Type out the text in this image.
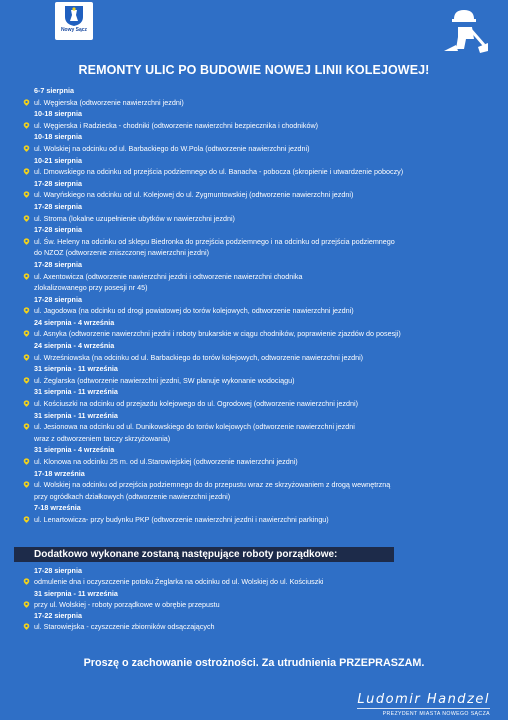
Nowy Sącz
REMONTY ULIC PO BUDOWIE NOWEJ LINII KOLEJOWEJ!
6-7 sierpnia
ul. Węgierska (odtworzenie nawierzchni jezdni)
10-18 sierpnia
ul. Węgierska i Radziecka - chodniki (odtworzenie nawierzchni bezpiecznika i chodników)
10-18 sierpnia
ul. Wolskiej na odcinku od ul. Barbackiego do W.Pola (odtworzenie nawierzchni jezdni)
10-21 sierpnia
ul. Dmowskiego na odcinku od przejścia podziemnego do ul. Banacha - pobocza (skropienie i utwardzenie poboczy)
17-28 sierpnia
ul. Waryńskiego na odcinku od ul. Kolejowej do ul. Zygmuntowskiej (odtworzenie nawierzchni jezdni)
17-28 sierpnia
ul. Stroma (lokalne uzupełnienie ubytków w nawierzchni jezdni)
17-28 sierpnia
ul. Św. Heleny na odcinku od sklepu Biedronka do przejścia podziemnego i na odcinku od przejścia podziemnego
do NZOZ (odtworzenie zniszczonej nawierzchni jezdni)
17-28 sierpnia
ul. Axentowicza (odtworzenie nawierzchni jezdni i odtworzenie nawierzchni chodnika
zlokalizowanego przy posesji nr 45)
17-28 sierpnia
ul. Jagodowa (na odcinku od drogi powiatowej do torów kolejowych, odtworzenie nawierzchni jezdni)
24 sierpnia - 4 września
ul. Asnyka (odtworzenie nawierzchni jezdni i roboty brukarskie w ciągu chodników, poprawienie zjazdów do posesji)
24 sierpnia - 4 września
ul. Wrześniowska (na odcinku od ul. Barbackiego do torów kolejowych, odtworzenie nawierzchni jezdni)
31 sierpnia - 11 września
ul. Żeglarska (odtworzenie nawierzchni jezdni, SW planuje wykonanie wodociągu)
31 sierpnia - 11 września
ul. Kościuszki na odcinku od przejazdu kolejowego do ul. Ogrodowej (odtworzenie nawierzchni jezdni)
31 sierpnia - 11 września
ul. Jesionowa na odcinku od ul. Dunikowskiego do torów kolejowych (odtworzenie nawierzchni jezdni
wraz z odtworzeniem tarczy skrzyżowania)
31 sierpnia - 4 września
ul. Klonowa na odcinku 25 m. od ul.Starowiejskiej (odtworzenie nawierzchni jezdni)
17-18 września
ul. Wolskiej na odcinku od przejścia podziemnego do do przepustu wraz ze skrzyżowaniem z drogą wewnętrzną
przy ogródkach działkowych (odtworzenie nawierzchni jezdni)
7-18 września
ul. Lenartowicza- przy budynku PKP (odtworzenie nawierzchni jezdni i nawierzchni parkingu)
Dodatkowo wykonane zostaną następujące roboty porządkowe:
17-28 sierpnia
odmulenie dna i oczyszczenie potoku Żeglarka na odcinku od ul. Wolskiej do ul. Kościuszki
31 sierpnia - 11 września
przy ul. Wolskiej - roboty porządkowe w obrębie przepustu
17-22 sierpnia
ul. Starowiejska - czyszczenie zbiorników odsączających
Proszę o zachowanie ostrożności. Za utrudnienia PRZEPRASZAM.
Ludomir Handzel
PREZYDENT MIASTA NOWEGO SĄCZA
